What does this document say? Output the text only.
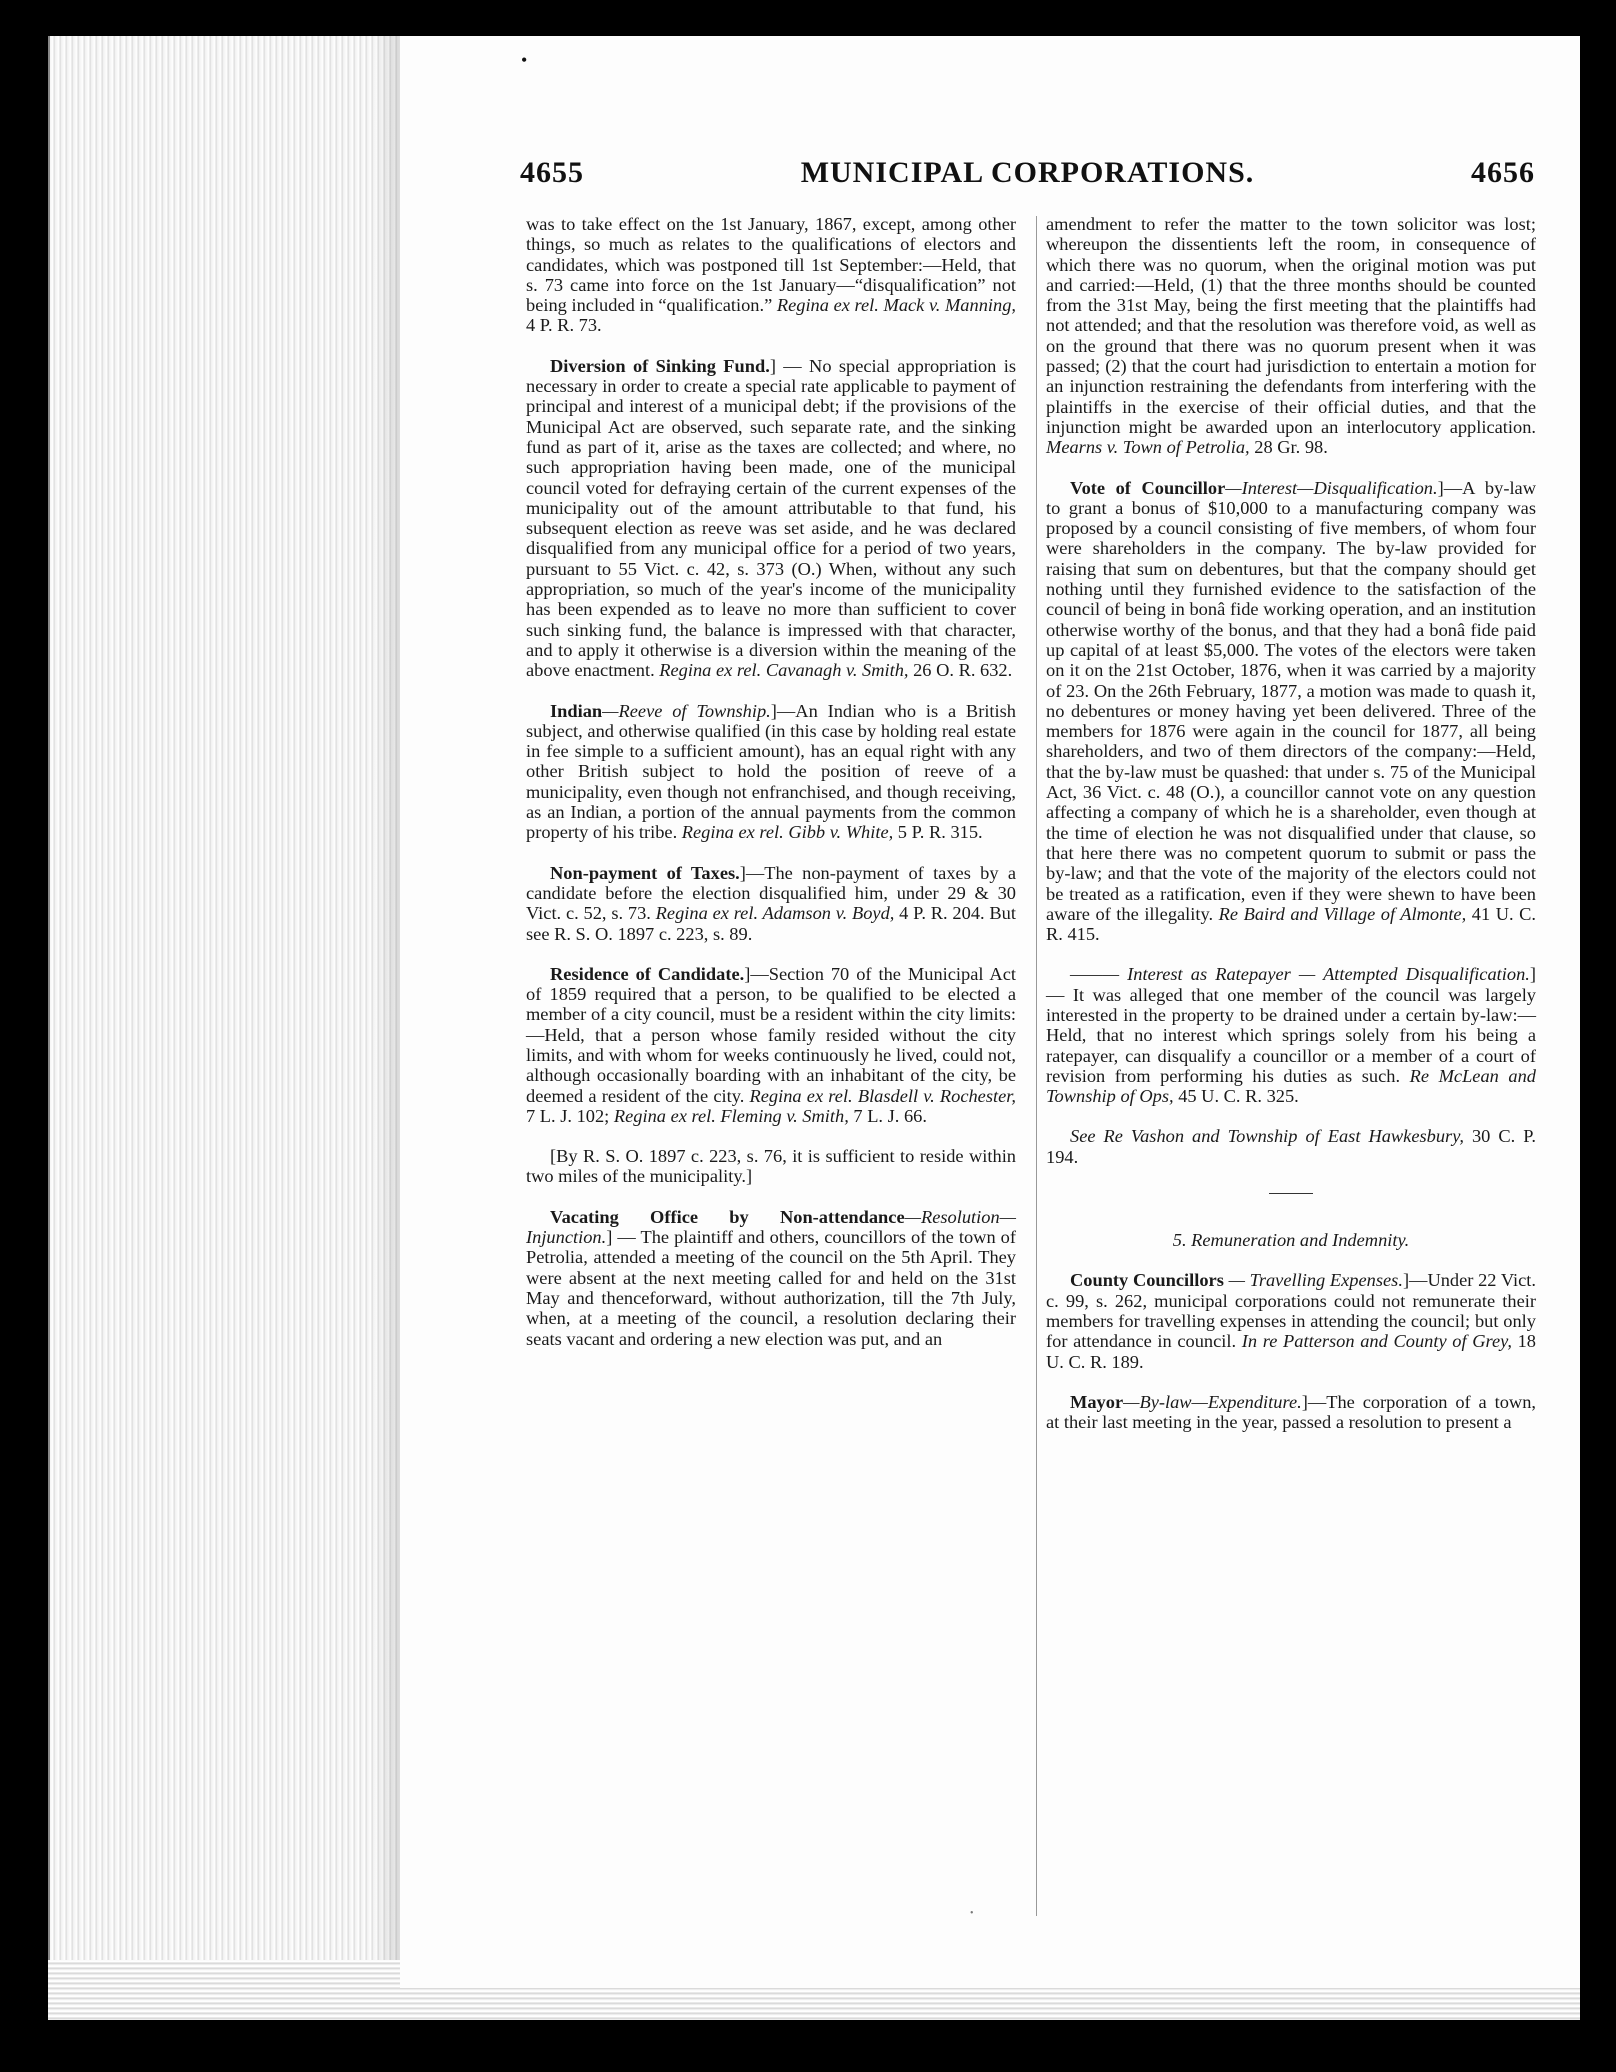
•
4655	MUNICIPAL CORPORATIONS.	4656

was to take effect on the 1st January, 1867, except, among other things, so much as relates to the qualifications of electors and candidates, which was postponed till 1st September:—Held, that s. 73 came into force on the 1st January—“disqualification” not being included in “qualification.” Regina ex rel. Mack v. Manning, 4 P. R. 73.

Diversion of Sinking Fund.] — No special appropriation is necessary in order to create a special rate applicable to payment of principal and interest of a municipal debt; if the provisions of the Municipal Act are observed, such separate rate, and the sinking fund as part of it, arise as the taxes are collected; and where, no such appropriation having been made, one of the municipal council voted for defraying certain of the current expenses of the municipality out of the amount attributable to that fund, his subsequent election as reeve was set aside, and he was declared disqualified from any municipal office for a period of two years, pursuant to 55 Vict. c. 42, s. 373 (O.) When, without any such appropriation, so much of the year's income of the municipality has been expended as to leave no more than sufficient to cover such sinking fund, the balance is impressed with that character, and to apply it otherwise is a diversion within the meaning of the above enactment. Regina ex rel. Cavanagh v. Smith, 26 O. R. 632.

Indian—Reeve of Township.]—An Indian who is a British subject, and otherwise qualified (in this case by holding real estate in fee simple to a sufficient amount), has an equal right with any other British subject to hold the position of reeve of a municipality, even though not enfranchised, and though receiving, as an Indian, a portion of the annual payments from the common property of his tribe. Regina ex rel. Gibb v. White, 5 P. R. 315.

Non-payment of Taxes.]—The non-payment of taxes by a candidate before the election disqualified him, under 29 & 30 Vict. c. 52, s. 73. Regina ex rel. Adamson v. Boyd, 4 P. R. 204. But see R. S. O. 1897 c. 223, s. 89.

Residence of Candidate.]—Section 70 of the Municipal Act of 1859 required that a person, to be qualified to be elected a member of a city council, must be a resident within the city limits:—Held, that a person whose family resided without the city limits, and with whom for weeks continuously he lived, could not, although occasionally boarding with an inhabitant of the city, be deemed a resident of the city. Regina ex rel. Blasdell v. Rochester, 7 L. J. 102; Regina ex rel. Fleming v. Smith, 7 L. J. 66.

[By R. S. O. 1897 c. 223, s. 76, it is sufficient to reside within two miles of the municipality.]

Vacating Office by Non-attendance—Resolution—Injunction.] — The plaintiff and others, councillors of the town of Petrolia, attended a meeting of the council on the 5th April. They were absent at the next meeting called for and held on the 31st May and thenceforward, without authorization, till the 7th July, when, at a meeting of the council, a resolution declaring their seats vacant and ordering a new election was put, and an

amendment to refer the matter to the town solicitor was lost; whereupon the dissentients left the room, in consequence of which there was no quorum, when the original motion was put and carried:—Held, (1) that the three months should be counted from the 31st May, being the first meeting that the plaintiffs had not attended; and that the resolution was therefore void, as well as on the ground that there was no quorum present when it was passed; (2) that the court had jurisdiction to entertain a motion for an injunction restraining the defendants from interfering with the plaintiffs in the exercise of their official duties, and that the injunction might be awarded upon an interlocutory application. Mearns v. Town of Petrolia, 28 Gr. 98.

Vote of Councillor—Interest—Disqualification.]—A by-law to grant a bonus of $10,000 to a manufacturing company was proposed by a council consisting of five members, of whom four were shareholders in the company. The by-law provided for raising that sum on debentures, but that the company should get nothing until they furnished evidence to the satisfaction of the council of being in bonâ fide working operation, and an institution otherwise worthy of the bonus, and that they had a bonâ fide paid up capital of at least $5,000. The votes of the electors were taken on it on the 21st October, 1876, when it was carried by a majority of 23. On the 26th February, 1877, a motion was made to quash it, no debentures or money having yet been delivered. Three of the members for 1876 were again in the council for 1877, all being shareholders, and two of them directors of the company:—Held, that the by-law must be quashed: that under s. 75 of the Municipal Act, 36 Vict. c. 48 (O.), a councillor cannot vote on any question affecting a company of which he is a shareholder, even though at the time of election he was not disqualified under that clause, so that here there was no competent quorum to submit or pass the by-law; and that the vote of the majority of the electors could not be treated as a ratification, even if they were shewn to have been aware of the illegality. Re Baird and Village of Almonte, 41 U. C. R. 415.

——— Interest as Ratepayer — Attempted Disqualification.] — It was alleged that one member of the council was largely interested in the property to be drained under a certain by-law:—Held, that no interest which springs solely from his being a ratepayer, can disqualify a councillor or a member of a court of revision from performing his duties as such. Re McLean and Township of Ops, 45 U. C. R. 325.

See Re Vashon and Township of East Hawkesbury, 30 C. P. 194.

5. Remuneration and Indemnity.

County Councillors — Travelling Expenses.]—Under 22 Vict. c. 99, s. 262, municipal corporations could not remunerate their members for travelling expenses in attending the council; but only for attendance in council. In re Patterson and County of Grey, 18 U. C. R. 189.

Mayor—By-law—Expenditure.]—The corporation of a town, at their last meeting in the year, passed a resolution to present a

•
